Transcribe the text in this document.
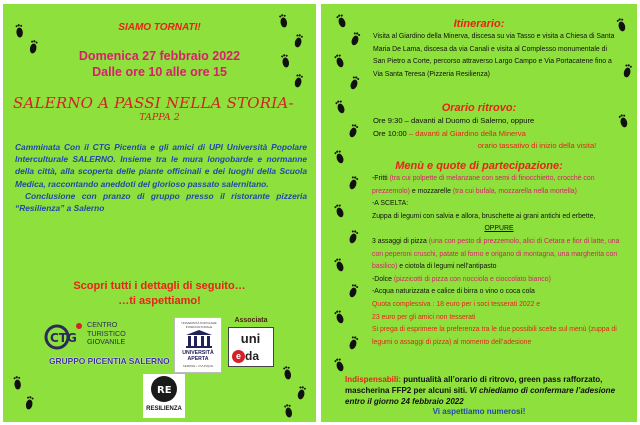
SIAMO TORNATI!
Domenica 27 febbraio 2022
Dalle ore 10 alle ore 15
SALERNO A PASSI NELLA STORIA-
TAPPA 2

Camminata Con il CTG Picentia e gli amici di UPI Università Popolare Interculturale SALERNO. Insieme tra le mura longobarde e normanne della città, alla scoperta delle piante officinali e dei luoghi della Scuola Medica, raccontando aneddoti del glorioso passato salernitano.

Conclusione con pranzo di gruppo presso il ristorante pizzeria “Resilienza” a Salerno

Scopri tutti i dettagli di seguito…
…ti aspettiamo!
CTG
CENTRO
TURISTICO
GIOVANILE
GRUPPO PICENTIA SALERNO
UNIVERSITÀ POPOLARE INTERCULTURALE
UNIVERSITÀ
APERTA
SEMPRE • OVUNQUE
Associata
uni
e da
RE
RESILIENZA
Itinerario:
Visita al Giardino della Minerva, discesa su via Tasso e visita a Chiesa di Santa Maria De Lama, discesa da via Canali e visita al Complesso monumentale di San Pietro a Corte, percorso attraverso Largo Campo e Via Portacatene fino a Via Santa Teresa (Pizzeria Resilienza)
Orario ritrovo:
Ore 9:30 – davanti al Duomo di Salerno, oppure
Ore 10:00 – davanti al Giardino della Minerva
orario tassativo di inizio della visita!
Menù e quote di partecipazione:
-Fritti (tra cui polpette di melanzane con semi di finocchietto, crocchè con prezzemolo) e mozzarelle (tra cui bufala, mozzarella nella mortella)
-A SCELTA:
Zuppa di legumi con salvia e allora, bruschette ai grani antichi ed erbette,
OPPURE
3 assaggi di pizza (una con pesto di prezzemolo, alici di Cetara e fior di latte, una con peperoni cruschi, patate al forno e origano di montagna, una margherita con basilico) e ciotola di legumi nell’antipasto
-Dolce (pizzicotti di pizza con nocciola e cioccolato bianco)
-Acqua naturizzata e calice di birra o vino o coca cola
Quota complessiva : 18 euro per i soci tesserati 2022 e
23 euro per gli amici non tesserati
Si prega di esprimere la preferenza tra le due possibili scelte sul menù (zuppa di legumi o assaggi di pizza) al momento dell’adesione
Indispensabili: puntualità all’orario di ritrovo, green pass rafforzato, mascherina FFP2 per alcuni siti. Vi chiediamo di confermare l’adesione entro il giorno 24 febbraio 2022
Vi aspettiamo numerosi!
